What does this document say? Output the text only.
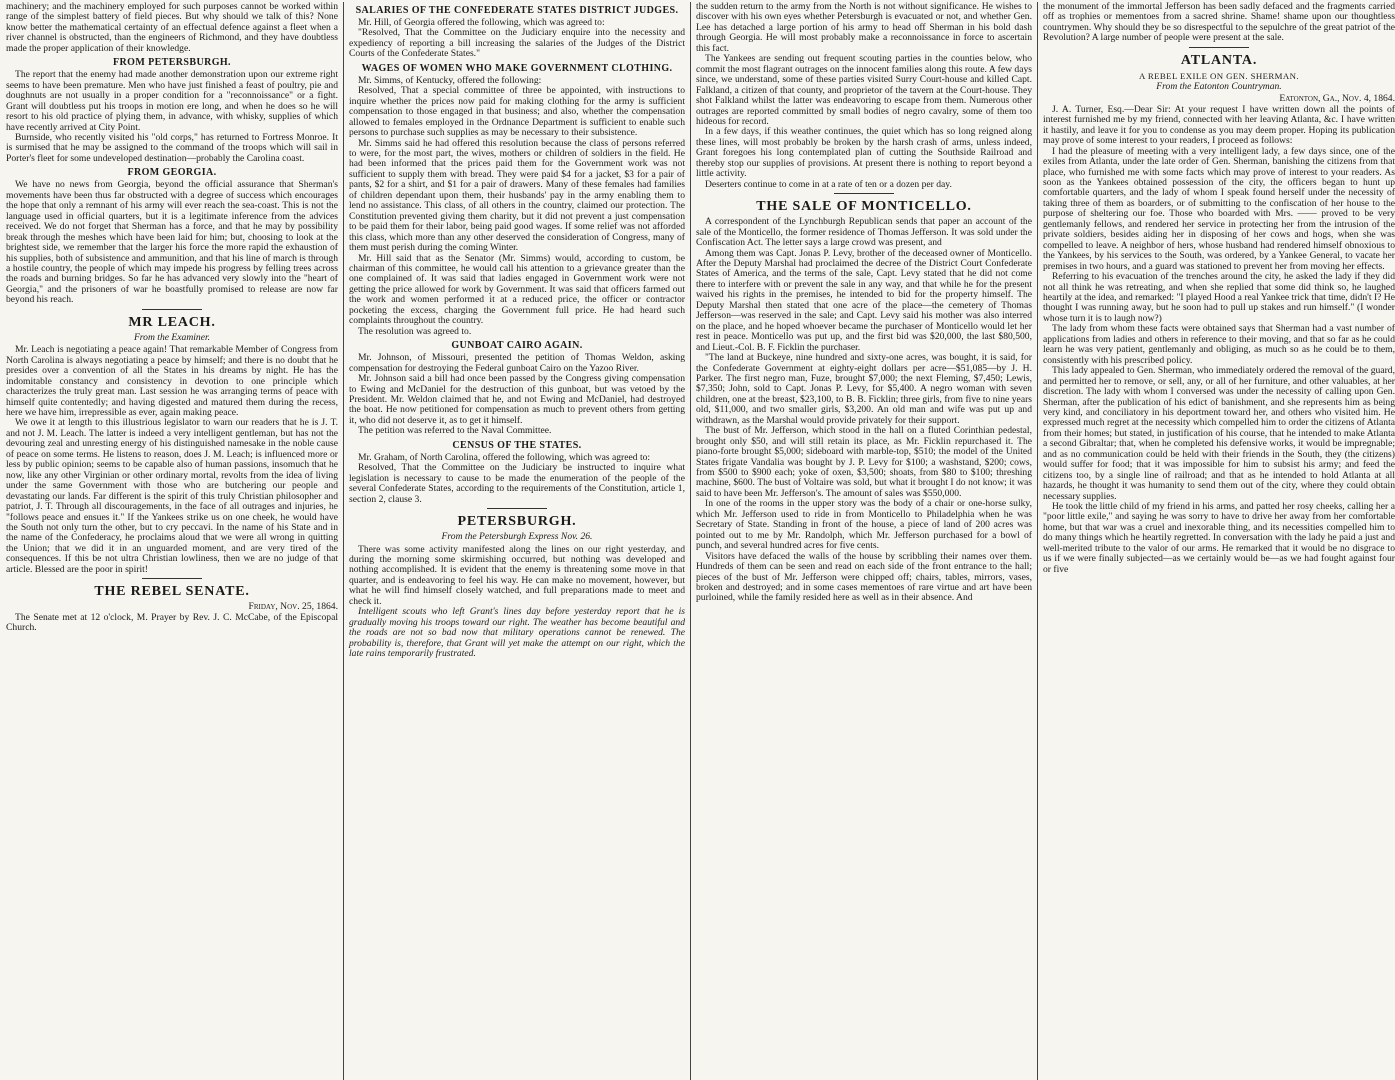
machinery; and the machinery employed for such purposes cannot be worked within range of the simplest battery of field pieces. But why should we talk of this? None know better the mathematical certainty of an effectual defence against a fleet when a river channel is obstructed, than the engineers of Richmond, and they have doubtless made the proper application of their knowledge.

FROM PETERSBURGH.

The report that the enemy had made another demonstration upon our extreme right seems to have been premature. Men who have just finished a feast of poultry, pie and doughnuts are not usually in a proper condition for a "reconnoissance" or a fight. Grant will doubtless put his troops in motion ere long, and when he does so he will resort to his old practice of plying them, in advance, with whisky, supplies of which have recently arrived at City Point.

Burnside, who recently visited his "old corps," has returned to Fortress Monroe. It is surmised that he may be assigned to the command of the troops which will sail in Porter's fleet for some undeveloped destination—probably the Carolina coast.

FROM GEORGIA.

We have no news from Georgia, beyond the official assurance that Sherman's movements have been thus far obstructed with a degree of success which encourages the hope that only a remnant of his army will ever reach the sea-coast. This is not the language used in official quarters, but it is a legitimate inference from the advices received. We do not forget that Sherman has a force, and that he may by possibility break through the meshes which have been laid for him; but, choosing to look at the brightest side, we remember that the larger his force the more rapid the exhaustion of his supplies, both of subsistence and ammunition, and that his line of march is through a hostile country, the people of which may impede his progress by felling trees across the roads and burning bridges. So far he has advanced very slowly into the "heart of Georgia," and the prisoners of war he boastfully promised to release are now far beyond his reach.

MR LEACH.
From the Examiner.

Mr. Leach is negotiating a peace again! That remarkable Member of Congress from North Carolina is always negotiating a peace by himself; and there is no doubt that he presides over a convention of all the States in his dreams by night. He has the indomitable constancy and consistency in devotion to one principle which characterizes the truly great man. Last session he was arranging terms of peace with himself quite contentedly; and having digested and matured them during the recess, here we have him, irrepressible as ever, again making peace.

We owe it at length to this illustrious legislator to warn our readers that he is J. T. and not J. M. Leach. The latter is indeed a very intelligent gentleman, but has not the devouring zeal and unresting energy of his distinguished namesake in the noble cause of peace on some terms. He listens to reason, does J. M. Leach; is influenced more or less by public opinion; seems to be capable also of human passions, insomuch that he now, like any other Virginian or other ordinary mortal, revolts from the idea of living under the same Government with those who are butchering our people and devastating our lands. Far different is the spirit of this truly Christian philosopher and patriot, J. T. Through all discouragements, in the face of all outrages and injuries, he "follows peace and ensues it." If the Yankees strike us on one cheek, he would have the South not only turn the other, but to cry peccavi. In the name of his State and in the name of the Confederacy, he proclaims aloud that we were all wrong in quitting the Union; that we did it in an unguarded moment, and are very tired of the consequences. If this be not ultra Christian lowliness, then we are no judge of that article. Blessed are the poor in spirit!

THE REBEL SENATE.
Friday, Nov. 25, 1864.

The Senate met at 12 o'clock, M. Prayer by Rev. J. C. McCabe, of the Episcopal Church.

SALARIES OF THE CONFEDERATE STATES DISTRICT JUDGES.

Mr. Hill, of Georgia offered the following, which was agreed to:

"Resolved, That the Committee on the Judiciary enquire into the necessity and expediency of reporting a bill increasing the salaries of the Judges of the District Courts of the Confederate States."

WAGES OF WOMEN WHO MAKE GOVERNMENT CLOTHING.

Mr. Simms, of Kentucky, offered the following:

Resolved, That a special committee of three be appointed, with instructions to inquire whether the prices now paid for making clothing for the army is sufficient compensation to those engaged in that business; and also, whether the compensation allowed to females employed in the Ordnance Department is sufficient to enable such persons to purchase such supplies as may be necessary to their subsistence.

Mr. Simms said he had offered this resolution because the class of persons referred to were, for the most part, the wives, mothers or children of soldiers in the field. He had been informed that the prices paid them for the Government work was not sufficient to supply them with bread. They were paid $4 for a jacket, $3 for a pair of pants, $2 for a shirt, and $1 for a pair of drawers. Many of these females had families of children dependant upon them, their husbands' pay in the army enabling them to lend no assistance. This class, of all others in the country, claimed our protection. The Constitution prevented giving them charity, but it did not prevent a just compensation to be paid them for their labor, being paid good wages. If some relief was not afforded this class, which more than any other deserved the consideration of Congress, many of them must perish during the coming Winter.

Mr. Hill said that as the Senator (Mr. Simms) would, according to custom, be chairman of this committee, he would call his attention to a grievance greater than the one complained of. It was said that ladies engaged in Government work were not getting the price allowed for work by Government. It was said that officers farmed out the work and women performed it at a reduced price, the officer or contractor pocketing the excess, charging the Government full price. He had heard such complaints throughout the country.

The resolution was agreed to.

GUNBOAT CAIRO AGAIN.

Mr. Johnson, of Missouri, presented the petition of Thomas Weldon, asking compensation for destroying the Federal gunboat Cairo on the Yazoo River.

Mr. Johnson said a bill had once been passed by the Congress giving compensation to Ewing and McDaniel for the destruction of this gunboat, but was vetoed by the President. Mr. Weldon claimed that he, and not Ewing and McDaniel, had destroyed the boat. He now petitioned for compensation as much to prevent others from getting it, who did not deserve it, as to get it himself.

The petition was referred to the Naval Committee.

CENSUS OF THE STATES.

Mr. Graham, of North Carolina, offered the following, which was agreed to:

Resolved, That the Committee on the Judiciary be instructed to inquire what legislation is necessary to cause to be made the enumeration of the people of the several Confederate States, according to the requirements of the Constitution, article 1, section 2, clause 3.

PETERSBURGH.
From the Petersburgh Express Nov. 26.

There was some activity manifested along the lines on our right yesterday, and during the morning some skirmishing occurred, but nothing was developed and nothing accomplished. It is evident that the enemy is threatening some move in that quarter, and is endeavoring to feel his way. He can make no movement, however, but what he will find himself closely watched, and full preparations made to meet and check it.

Intelligent scouts who left Grant's lines day before yesterday report that he is gradually moving his troops toward our right. The weather has become beautiful and the roads are not so bad now that military operations cannot be renewed. The probability is, therefore, that Grant will yet make the attempt on our right, which the late rains temporarily frustrated.

the sudden return to the army from the North is not without significance. He wishes to discover with his own eyes whether Petersburgh is evacuated or not, and whether Gen. Lee has detached a large portion of his army to head off Sherman in his bold dash through Georgia. He will most probably make a reconnoissance in force to ascertain this fact.

The Yankees are sending out frequent scouting parties in the counties below, who commit the most flagrant outrages on the innocent families along this route. A few days since, we understand, some of these parties visited Surry Court-house and killed Capt. Falkland, a citizen of that county, and proprietor of the tavern at the Court-house. They shot Falkland whilst the latter was endeavoring to escape from them. Numerous other outrages are reported committed by small bodies of negro cavalry, some of them too hideous for record.

In a few days, if this weather continues, the quiet which has so long reigned along these lines, will most probably be broken by the harsh crash of arms, unless indeed, Grant foregoes his long contemplated plan of cutting the Southside Railroad and thereby stop our supplies of provisions. At present there is nothing to report beyond a little activity.

Deserters continue to come in at a rate of ten or a dozen per day.

THE SALE OF MONTICELLO.

A correspondent of the Lynchburgh Republican sends that paper an account of the sale of the Monticello, the former residence of Thomas Jefferson. It was sold under the Confiscation Act. The letter says a large crowd was present, and

Among them was Capt. Jonas P. Levy, brother of the deceased owner of Monticello. After the Deputy Marshal had proclaimed the decree of the District Court Confederate States of America, and the terms of the sale, Capt. Levy stated that he did not come there to interfere with or prevent the sale in any way, and that while he for the present waived his rights in the premises, he intended to bid for the property himself. The Deputy Marshal then stated that one acre of the place—the cemetery of Thomas Jefferson—was reserved in the sale; and Capt. Levy said his mother was also interred on the place, and he hoped whoever became the purchaser of Monticello would let her rest in peace. Monticello was put up, and the first bid was $20,000, the last $80,500, and Lieut.-Col. B. F. Ficklin the purchaser.

"The land at Buckeye, nine hundred and sixty-one acres, was bought, it is said, for the Confederate Government at eighty-eight dollars per acre—$51,085—by J. H. Parker. The first negro man, Fuze, brought $7,000; the next Fleming, $7,450; Lewis, $7,350; John, sold to Capt. Jonas P. Levy, for $5,400. A negro woman with seven children, one at the breast, $23,100, to B. B. Ficklin; three girls, from five to nine years old, $11,000, and two smaller girls, $3,200. An old man and wife was put up and withdrawn, as the Marshal would provide privately for their support.

The bust of Mr. Jefferson, which stood in the hall on a fluted Corinthian pedestal, brought only $50, and will still retain its place, as Mr. Ficklin repurchased it. The piano-forte brought $5,000; sideboard with marble-top, $510; the model of the United States frigate Vandalia was bought by J. P. Levy for $100; a washstand, $200; cows, from $500 to $900 each; yoke of oxen, $3,500; shoats, from $80 to $100; threshing machine, $600. The bust of Voltaire was sold, but what it brought I do not know; it was said to have been Mr. Jefferson's. The amount of sales was $550,000.

In one of the rooms in the upper story was the body of a chair or one-horse sulky, which Mr. Jefferson used to ride in from Monticello to Philadelphia when he was Secretary of State. Standing in front of the house, a piece of land of 200 acres was pointed out to me by Mr. Randolph, which Mr. Jefferson purchased for a bowl of punch, and several hundred acres for five cents.

Visitors have defaced the walls of the house by scribbling their names over them. Hundreds of them can be seen and read on each side of the front entrance to the hall; pieces of the bust of Mr. Jefferson were chipped off; chairs, tables, mirrors, vases, broken and destroyed; and in some cases mementoes of rare virtue and art have been purloined, while the family resided here as well as in their absence. And

the monument of the immortal Jefferson has been sadly defaced and the fragments carried off as trophies or mementoes from a sacred shrine. Shame! shame upon our thoughtless countrymen. Why should they be so disrespectful to the sepulchre of the great patriot of the Revolution? A large number of people were present at the sale.

ATLANTA.
A REBEL EXILE ON GEN. SHERMAN.
From the Eatonton Countryman.
Eatonton, Ga., Nov. 4, 1864.

J. A. Turner, Esq.—Dear Sir: At your request I have written down all the points of interest furnished me by my friend, connected with her leaving Atlanta, &c. I have written it hastily, and leave it for you to condense as you may deem proper. Hoping its publication may prove of some interest to your readers, I proceed as follows:

I had the pleasure of meeting with a very intelligent lady, a few days since, one of the exiles from Atlanta, under the late order of Gen. Sherman, banishing the citizens from that place, who furnished me with some facts which may prove of interest to your readers. As soon as the Yankees obtained possession of the city, the officers began to hunt up comfortable quarters, and the lady of whom I speak found herself under the necessity of taking three of them as boarders, or of submitting to the confiscation of her house to the purpose of sheltering our foe. Those who boarded with Mrs. —— proved to be very gentlemanly fellows, and rendered her service in protecting her from the intrusion of the private soldiers, besides aiding her in disposing of her cows and hogs, when she was compelled to leave. A neighbor of hers, whose husband had rendered himself obnoxious to the Yankees, by his services to the South, was ordered, by a Yankee General, to vacate her premises in two hours, and a guard was stationed to prevent her from moving her effects.

Referring to his evacuation of the trenches around the city, he asked the lady if they did not all think he was retreating, and when she replied that some did think so, he laughed heartily at the idea, and remarked: "I played Hood a real Yankee trick that time, didn't I? He thought I was running away, but he soon had to pull up stakes and run himself." (I wonder whose turn it is to laugh now?)

The lady from whom these facts were obtained says that Sherman had a vast number of applications from ladies and others in reference to their moving, and that so far as he could learn he was very patient, gentlemanly and obliging, as much so as he could be to them, consistently with his prescribed policy.

This lady appealed to Gen. Sherman, who immediately ordered the removal of the guard, and permitted her to remove, or sell, any, or all of her furniture, and other valuables, at her discretion. The lady with whom I conversed was under the necessity of calling upon Gen. Sherman, after the publication of his edict of banishment, and she represents him as being very kind, and conciliatory in his deportment toward her, and others who visited him. He expressed much regret at the necessity which compelled him to order the citizens of Atlanta from their homes; but stated, in justification of his course, that he intended to make Atlanta a second Gibraltar; that, when he completed his defensive works, it would be impregnable; and as no communication could be held with their friends in the South, they (the citizens) would suffer for food; that it was impossible for him to subsist his army; and feed the citizens too, by a single line of railroad; and that as he intended to hold Atlanta at all hazards, he thought it was humanity to send them out of the city, where they could obtain necessary supplies.

He took the little child of my friend in his arms, and patted her rosy cheeks, calling her a "poor little exile," and saying he was sorry to have to drive her away from her comfortable home, but that war was a cruel and inexorable thing, and its necessities compelled him to do many things which he heartily regretted. In conversation with the lady he paid a just and well-merited tribute to the valor of our arms. He remarked that it would be no disgrace to us if we were finally subjected—as we certainly would be—as we had fought against four or five
